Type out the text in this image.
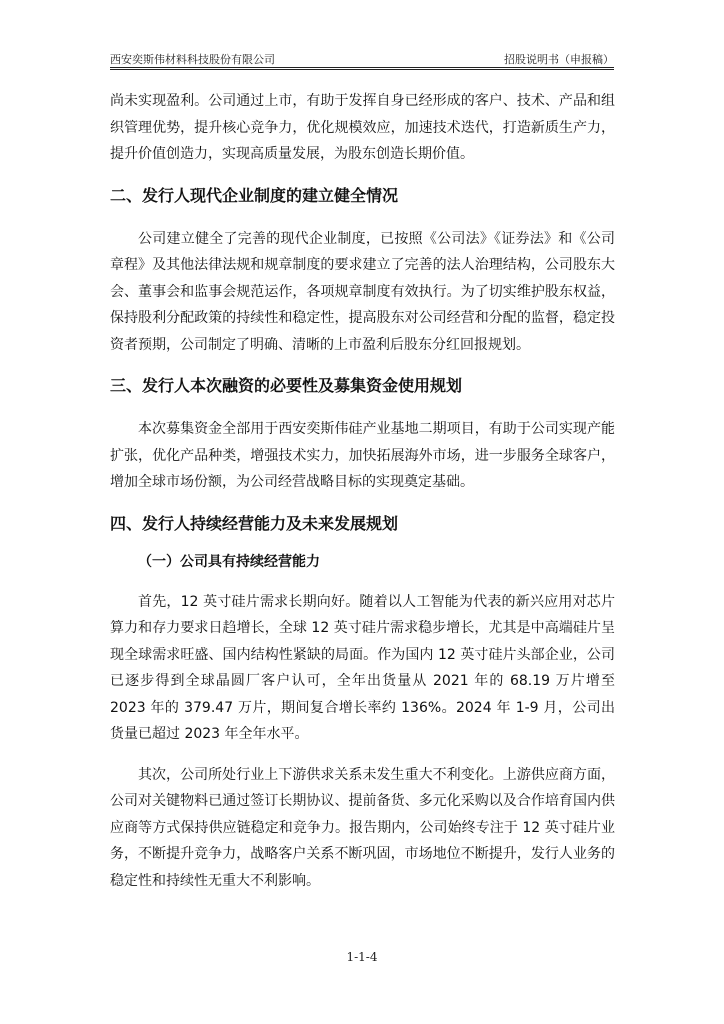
西安奕斯伟材料科技股份有限公司	招股说明书（申报稿）

尚未实现盈利。公司通过上市，有助于发挥自身已经形成的客户、技术、产品和组织管理优势，提升核心竞争力，优化规模效应，加速技术迭代，打造新质生产力，提升价值创造力，实现高质量发展，为股东创造长期价值。

二、发行人现代企业制度的建立健全情况

公司建立健全了完善的现代企业制度，已按照《公司法》《证券法》和《公司章程》及其他法律法规和规章制度的要求建立了完善的法人治理结构，公司股东大会、董事会和监事会规范运作，各项规章制度有效执行。为了切实维护股东权益，保持股利分配政策的持续性和稳定性，提高股东对公司经营和分配的监督，稳定投资者预期，公司制定了明确、清晰的上市盈利后股东分红回报规划。

三、发行人本次融资的必要性及募集资金使用规划

本次募集资金全部用于西安奕斯伟硅产业基地二期项目，有助于公司实现产能扩张，优化产品种类，增强技术实力，加快拓展海外市场，进一步服务全球客户，增加全球市场份额，为公司经营战略目标的实现奠定基础。

四、发行人持续经营能力及未来发展规划
（一）公司具有持续经营能力

首先，12 英寸硅片需求长期向好。随着以人工智能为代表的新兴应用对芯片算力和存力要求日趋增长，全球 12 英寸硅片需求稳步增长，尤其是中高端硅片呈现全球需求旺盛、国内结构性紧缺的局面。作为国内 12 英寸硅片头部企业，公司已逐步得到全球晶圆厂客户认可，全年出货量从 2021 年的 68.19 万片增至 2023 年的 379.47 万片，期间复合增长率约 136%。2024 年 1-9 月，公司出货量已超过 2023 年全年水平。

其次，公司所处行业上下游供求关系未发生重大不利变化。上游供应商方面，公司对关键物料已通过签订长期协议、提前备货、多元化采购以及合作培育国内供应商等方式保持供应链稳定和竞争力。报告期内，公司始终专注于 12 英寸硅片业务，不断提升竞争力，战略客户关系不断巩固，市场地位不断提升，发行人业务的稳定性和持续性无重大不利影响。

1-1-4
